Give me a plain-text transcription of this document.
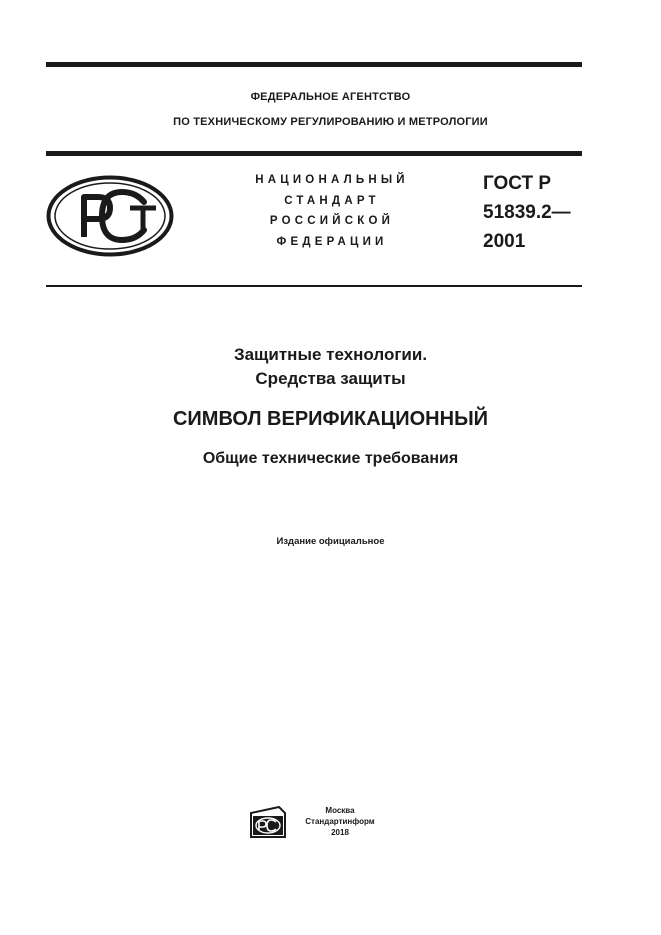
ФЕДЕРАЛЬНОЕ АГЕНТСТВО
ПО ТЕХНИЧЕСКОМУ РЕГУЛИРОВАНИЮ И МЕТРОЛОГИИ
НАЦИОНАЛЬНЫЙ
СТАНДАРТ
РОССИЙСКОЙ
ФЕДЕРАЦИИ
ГОСТ Р
51839.2—
2001
Защитные технологии.
Средства защиты
СИМВОЛ ВЕРИФИКАЦИОННЫЙ
Общие технические требования
Издание официальное
Москва
Стандартинформ
2018
